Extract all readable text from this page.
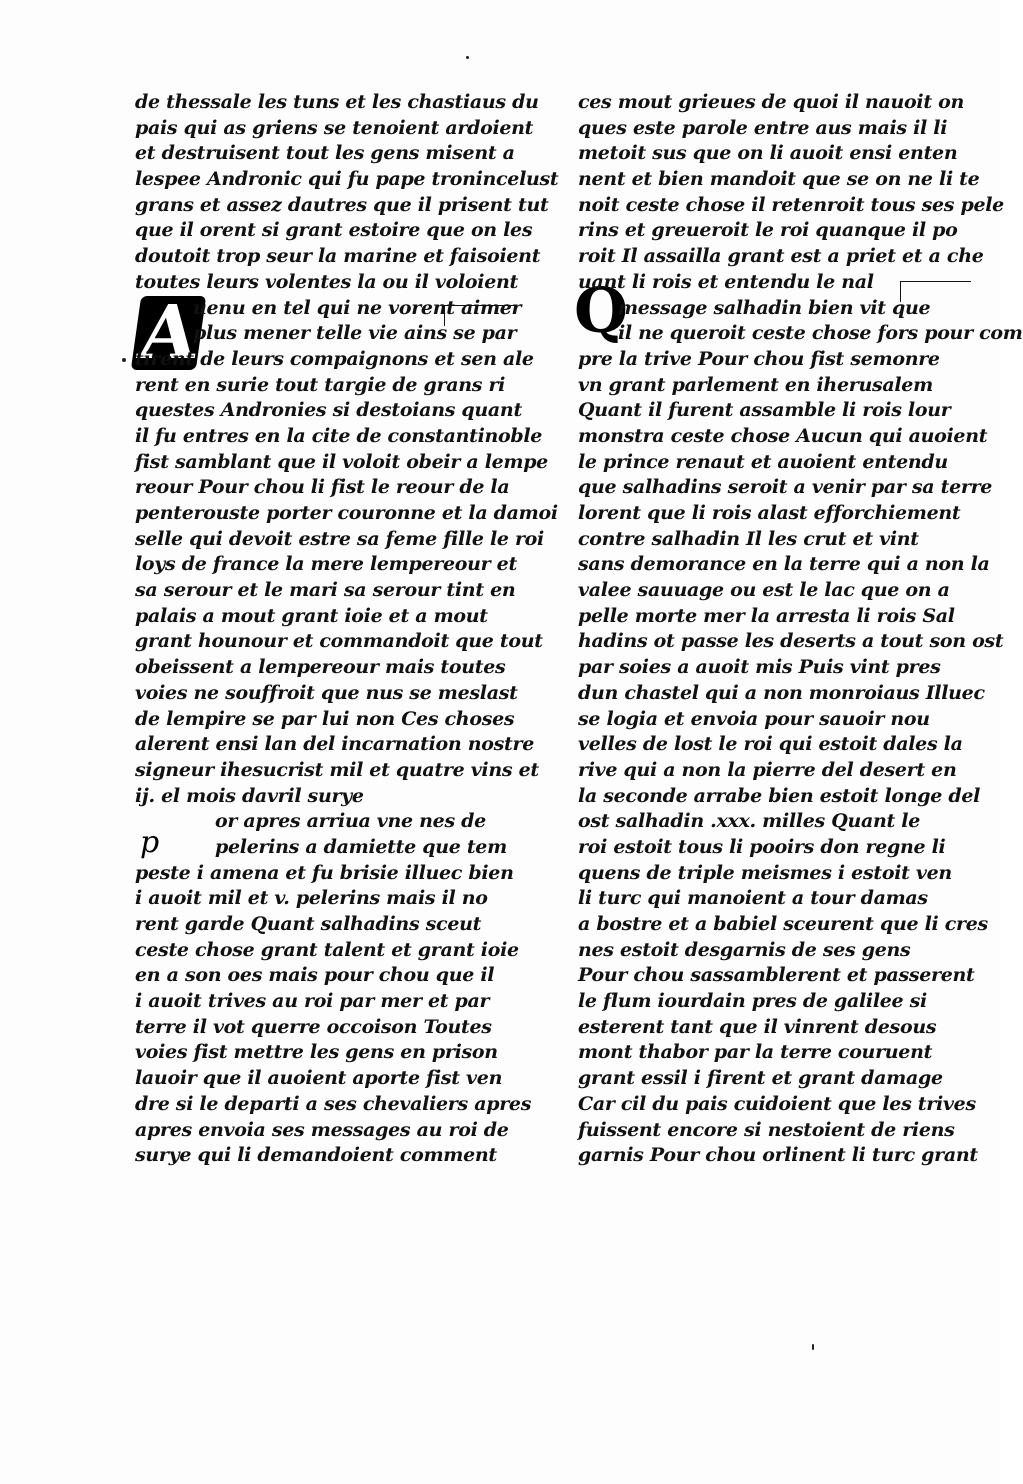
A	Q
p
de thessale les tuns et les chastiaus du
pais qui as griens se tenoient ardoient
et destruisent tout les gens misent a
lespee Andronic qui fu pape tronincelust
grans et assez dautres que il prisent tut
que il orent si grant estoire que on les
doutoit trop seur la marine et faisoient
toutes leurs volentes la ou il voloient
uenu en tel qui ne vorent aimer
plus mener telle vie ains se par
tirent de leurs compaignons et sen ale
rent en surie tout targie de grans ri
questes Andronies si destoians quant
il fu entres en la cite de constantinoble
fist samblant que il voloit obeir a lempe
reour Pour chou li fist le reour de la
penterouste porter couronne et la damoi
selle qui devoit estre sa feme fille le roi
loys de france la mere lempereour et
sa serour et le mari sa serour tint en
palais a mout grant ioie et a mout
grant hounour et commandoit que tout
obeissent a lempereour mais toutes
voies ne souffroit que nus se meslast
de lempire se par lui non Ces choses
alerent ensi lan del incarnation nostre
signeur ihesucrist mil et quatre vins et
ij. el mois davril surye
or apres arriua vne nes de
pelerins a damiette que tem
peste i amena et fu brisie illuec bien
i auoit mil et v. pelerins mais il no
rent garde Quant salhadins sceut
ceste chose grant talent et grant ioie
en a son oes mais pour chou que il
i auoit trives au roi par mer et par
terre il vot querre occoison Toutes
voies fist mettre les gens en prison
lauoir que il auoient aporte fist ven
dre si le departi a ses chevaliers apres
apres envoia ses messages au roi de
surye qui li demandoient comment
ces mout grieues de quoi il nauoit on
ques este parole entre aus mais il li
metoit sus que on li auoit ensi enten
nent et bien mandoit que se on ne li te
noit ceste chose il retenroit tous ses pele
rins et greueroit le roi quanque il po
roit Il assailla grant est a priet et a che
uant li rois et entendu le nal
message salhadin bien vit que
il ne queroit ceste chose fors pour com
pre la trive Pour chou fist semonre
vn grant parlement en iherusalem
Quant il furent assamble li rois lour
monstra ceste chose Aucun qui auoient
le prince renaut et auoient entendu
que salhadins seroit a venir par sa terre
lorent que li rois alast efforchiement
contre salhadin Il les crut et vint
sans demorance en la terre qui a non la
valee sauuage ou est le lac que on a
pelle morte mer la arresta li rois Sal
hadins ot passe les deserts a tout son ost
par soies a auoit mis Puis vint pres
dun chastel qui a non monroiaus Illuec
se logia et envoia pour sauoir nou
velles de lost le roi qui estoit dales la
rive qui a non la pierre del desert en
la seconde arrabe bien estoit longe del
ost salhadin .xxx. milles Quant le
roi estoit tous li pooirs don regne li
quens de triple meismes i estoit ven
li turc qui manoient a tour damas
a bostre et a babiel sceurent que li cres
nes estoit desgarnis de ses gens
Pour chou sassamblerent et passerent
le flum iourdain pres de galilee si
esterent tant que il vinrent desous
mont thabor par la terre couruent
grant essil i firent et grant damage
Car cil du pais cuidoient que les trives
fuissent encore si nestoient de riens
garnis Pour chou orlinent li turc grant
